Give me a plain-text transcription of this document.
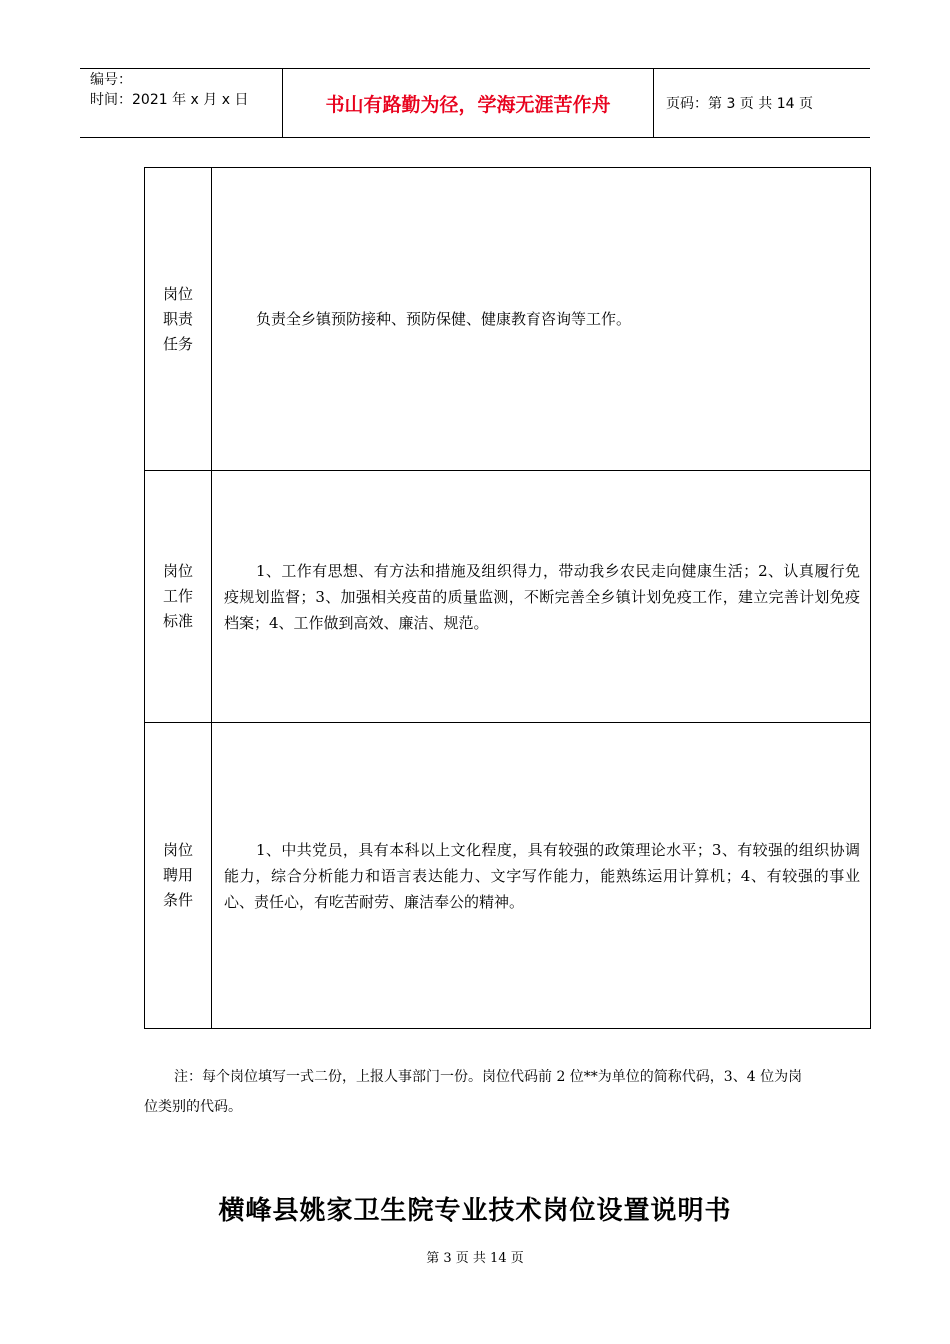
编号：
时间：2021 年 x 月 x 日	书山有路勤为径，学海无涯苦作舟	页码：第 3 页 共 14 页
岗位
职责
任务

负责全乡镇预防接种、预防保健、健康教育咨询等工作。

岗位
工作
标准

1、工作有思想、有方法和措施及组织得力，带动我乡农民走向健康生活；2、认真履行免疫规划监督；3、加强相关疫苗的质量监测，不断完善全乡镇计划免疫工作，建立完善计划免疫档案；4、工作做到高效、廉洁、规范。

岗位
聘用
条件

1、中共党员，具有本科以上文化程度，具有较强的政策理论水平；3、有较强的组织协调能力，综合分析能力和语言表达能力、文字写作能力，能熟练运用计算机；4、有较强的事业心、责任心，有吃苦耐劳、廉洁奉公的精神。

注：每个岗位填写一式二份，上报人事部门一份。岗位代码前 2 位**为单位的简称代码，3、4 位为岗位类别的代码。
横峰县姚家卫生院专业技术岗位设置说明书
第 3 页 共 14 页
